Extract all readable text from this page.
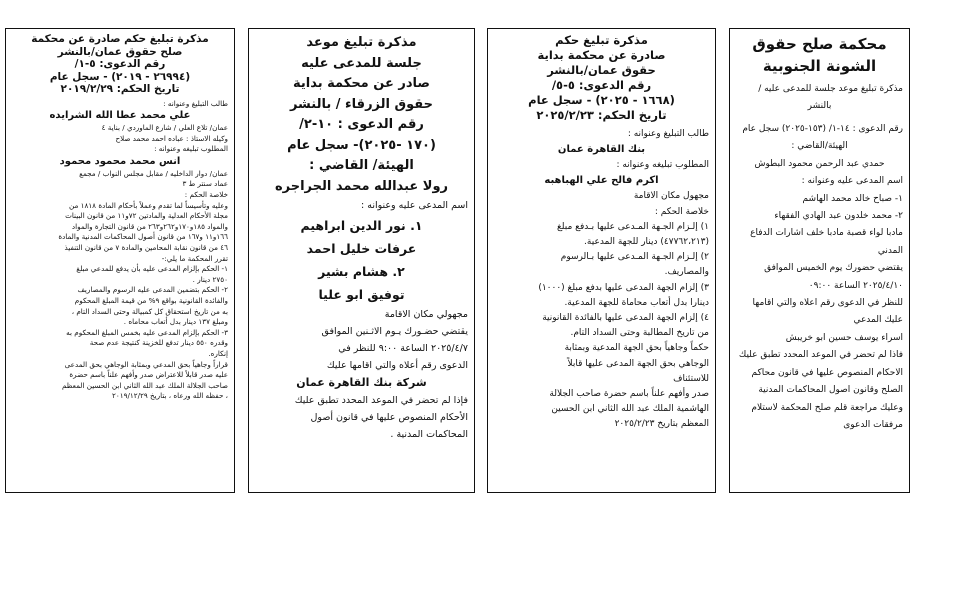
محكمة صلح حقوق

الشونة الجنوبية

مذكرة تبليغ موعد جلسة للمدعى عليه /

بالنشر

رقم الدعوى : ١٤-١/ (١٥٣-٢٠٢٥) سجل عام

الهيئة/القاضي :

حمدي عبد الرحمن محمود البطوش

اسم المدعى عليه وعنوانه :

١- صباح خالد محمد الهاشم

٢- محمد خلدون عبد الهادي الفقهاء

مادبا لواء قصبة مادبا خلف اشارات الدفاع

المدني

يقتضي حضورك يوم الخميس الموافق

٢٠٢٥/٤/١٠ الساعة ٠٩:٠٠

للنظر في الدعوى رقم اعلاه والتي اقامها

عليك المدعي

اسراء يوسف حسين ابو خريبش

فاذا لم تحضر في الموعد المحدد تطبق عليك

الاحكام المنصوص عليها في قانون محاكم

الصلح وقانون اصول المحاكمات المدنية

وعليك مراجعة قلم صلح المحكمة لاستلام

مرفقات الدعوى

مذكرة تبليغ حكم

صادرة عن محكمة بداية

حقوق عمان/بالنشر

رقم الدعوى: ٥-٥/

(١٦٦٨ - ٢٠٢٥) - سجل عام

تاريخ الحكم: ٢٠٢٥/٢/٢٣

طالب التبليغ وعنوانه :

بنك القاهرة عمان

المطلوب تبليغه وعنوانه :

اكرم فالح علي الهباهبه

مجهول مكان الاقامة

خلاصة الحكم :

١) إلـزام الجـهة المـدعى عليها بـدفع مبلغ

(٤٧٧٦٢،٢١٣) دينار للجهة المدعية.

٢) إلـزام الجـهة المـدعى عليها بـالرسوم

والمصاريف.

٣) إلزام الجهة المدعى عليها بدفع مبلغ (١٠٠٠)

دينارا بدل أتعاب محاماة للجهة المدعية.

٤) إلزام الجهة المدعى عليها بالفائدة القانونية

من تاريخ المطالبة وحتى السداد التام.

حكماً وجاهياً بحق الجهة المدعية وبمثابة

الوجاهي بحق الجهة المدعى عليها قابلاً

للاستئناف

صدر وأفهم علناً باسم حضرة صاحب الجلالة

الهاشمية الملك عبد الله الثاني ابن الحسين

المعظم بتاريخ ٢٠٢٥/٢/٢٣

مذكرة تبليغ موعد

جلسة للمدعى عليه

صادر عن محكمة بداية

حقوق الزرقاء / بالنشر

رقم الدعوى : ١٠-٢/

(١٧٠ -٢٠٢٥)- سجل عام

الهيئة/ القاضي :

رولا عبدالله محمد الجراجره

اسم المدعى عليه وعنوانه :

١. نور الدين ابراهيم

عرفات خليل احمد

٢. هشام بشير

توفيق ابو عليا

مجهولي مكان الاقامة

يقتضي حضـورك يـوم الاثـنين الموافق

٢٠٢٥/٤/٧ الساعة ٩:٠٠ للنظر في

الدعوى رقم أعلاه والتي اقامها عليك

شركة بنك القاهرة عمان

فإذا لم تحضر في الموعد المحدد تطبق عليك

الأحكام المنصوص عليها في قانون أصول

المحاكمات المدنية .

مذكرة تبليغ حكم صادرة عن محكمة

صلح حقوق عمان/بالنشر

رقم الدعوى: ٥-١/

(٢٦٩٩٤ - ٢٠١٩) - سجل عام

تاريخ الحكم: ٢٠١٩/٢/٢٩

طالب التبليغ وعنوانه :

علي محمد عطا الله الشرايده

عمان/ تلاع العلي / شارع الماوردي / بناية ٤

وكيله الاستاذ : عباده احمد محمد صلاح

المطلوب تبليغه وعنوانه :

انس محمد محمود محمود

عمان/ دوار الداخليه / مقابل مجلس النواب / مجمع

عماد سنتر ط ٣

خلاصة الحكم :

وعليه وتأسيساً لما تقدم وعملاً بأحكام المادة ١٨١٨ من

مجلة الأحكام العدلية والمادتين ٧٢و١١ من قانون البينات

والمواد ١٨٥و١٧٠و٢٦٢و٢٦٣ من قانون التجارة والمواد

١٦٦و١١ و١٦٧ من قانون أصول المحاكمات المدنية والمادة

٤٦ من قانون نقابة المحامين والمادة ٧ من قانون التنفيذ

تقرر المحكمة ما يلي:-

١- الحكم بإلزام المدعى عليه بأن يدفع للمدعي مبلغ

٢٧٥٠ دينار .

٢- الحكم بتضمين المدعى عليه الرسوم والمصاريف

والفائدة القانونية بواقع ٩% من قيمة المبلغ المحكوم

به من تاريخ استحقاق كل كمبيالة وحتى السداد التام ،

ومبلغ ١٣٧ دينار بدل أتعاب محاماه .

٣- الحكم بإلزام المدعى عليه بخمس المبلغ المحكوم به

وقدره ٥٥٠ دينار تدفع للخزينة كنتيجة عدم صحة

إنكاره.

قراراً وجاهياً بحق المدعي وبمثابة الوجاهي بحق المدعى

عليه صدر قابلاً للاعتراض صدر وأفهم علناً باسم حضرة

صاحب الجلالة الملك عبد الله الثاني ابن الحسين المعظم

، حفظه الله ورعاه ، بتاريخ ٢٠١٩/١٢/٢٩
